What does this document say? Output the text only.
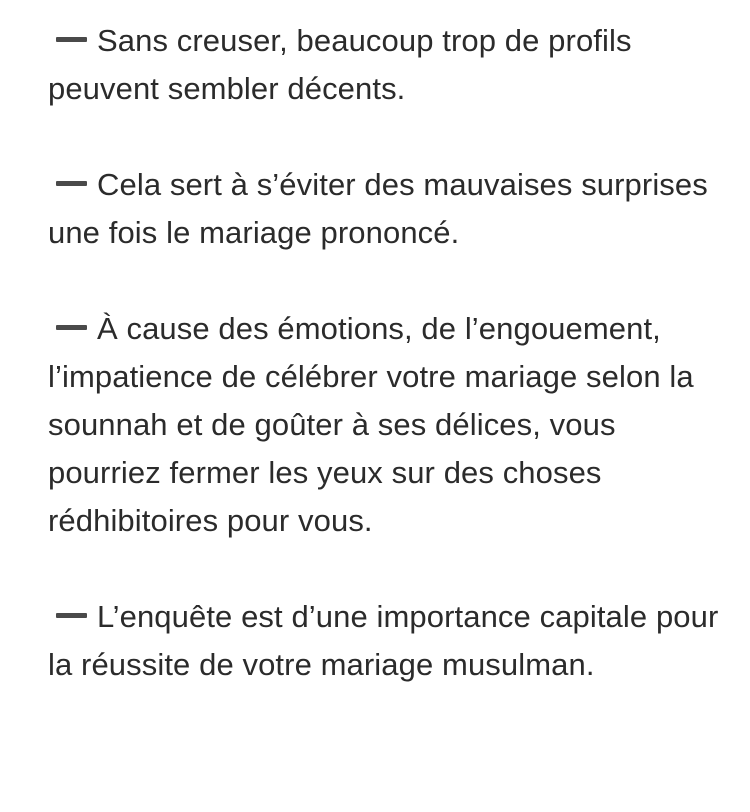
Sans creuser, beaucoup trop de profils peuvent sembler décents.

Cela sert à s’éviter des mauvaises surprises une fois le mariage prononcé.

À cause des émotions, de l’engouement, l’impatience de célébrer votre mariage selon la sounnah et de goûter à ses délices, vous pourriez fermer les yeux sur des choses rédhibitoires pour vous.

L’enquête est d’une importance capitale pour la réussite de votre mariage musulman.
